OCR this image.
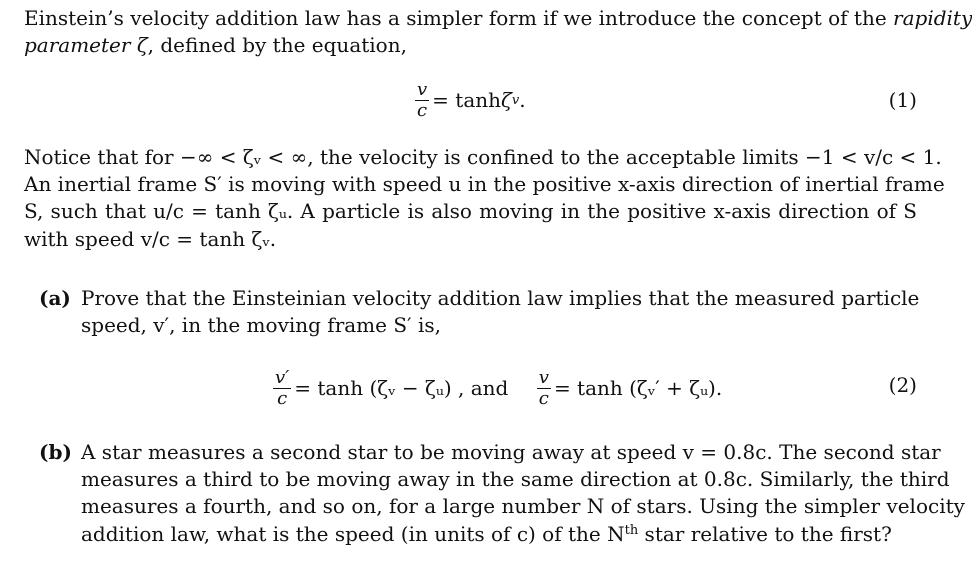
Einstein’s velocity addition law has a simpler form if we introduce the concept of the rapidity
parameter ζ, defined by the equation,
$\frac{v}{c} = \tanh \zeta$ v .	(1)
Notice that for −∞ < ζᵥ < ∞, the velocity is confined to the acceptable limits −1 < v/c < 1.
An inertial frame S′ is moving with speed u in the positive x-axis direction of inertial frame
S, such that u/c = tanh ζᵤ. A particle is also moving in the positive x-axis direction of S
with speed v/c = tanh ζᵥ.
(a) Prove that the Einsteinian velocity addition law implies that the measured particle
speed, v′, in the moving frame S′ is,
$\frac{v'}{c} = \tanh$ (ζᵥ − ζᵤ) , and
$\frac{v}{c} = \tanh$ (ζᵥ′ + ζᵤ).	(2)
(b) A star measures a second star to be moving away at speed v = 0.8c. The second star
measures a third to be moving away in the same direction at 0.8c. Similarly, the third
measures a fourth, and so on, for a large number N of stars. Using the simpler velocity
addition law, what is the speed (in units of c) of the $N^{th}$ star relative to the first?
